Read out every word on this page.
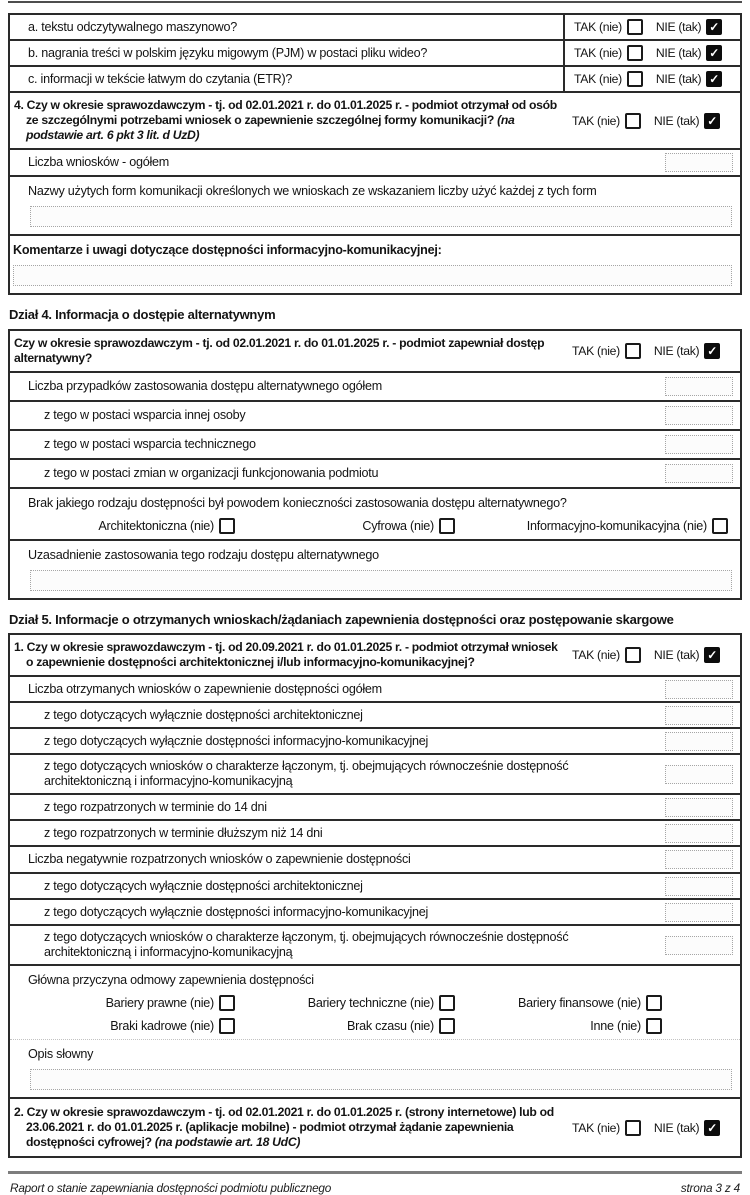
a. tekstu odczytywalnego maszynowo?	TAK (nie)	NIE (tak) ✓
b. nagrania treści w polskim języku migowym (PJM) w postaci pliku wideo?	TAK (nie)	NIE (tak) ✓
c. informacji w tekście łatwym do czytania (ETR)?	TAK (nie)	NIE (tak) ✓
4. Czy w okresie sprawozdawczym - tj. od 02.01.2021 r. do 01.01.2025 r. - podmiot otrzymał od osób ze szczególnymi potrzebami wniosek o zapewnienie szczególnej formy komunikacji? (na podstawie art. 6 pkt 3 lit. d UzD)
TAK (nie)	NIE (tak) ✓
Liczba wniosków - ogółem
Nazwy użytych form komunikacji określonych we wnioskach ze wskazaniem liczby użyć każdej z tych form
Komentarze i uwagi dotyczące dostępności informacyjno-komunikacyjnej:
Dział 4. Informacja o dostępie alternatywnym
Czy w okresie sprawozdawczym - tj. od 02.01.2021 r. do 01.01.2025 r. - podmiot zapewniał dostęp alternatywny?	TAK (nie)	NIE (tak) ✓
Liczba przypadków zastosowania dostępu alternatywnego ogółem
z tego w postaci wsparcia innej osoby
z tego w postaci wsparcia technicznego
z tego w postaci zmian w organizacji funkcjonowania podmiotu
Brak jakiego rodzaju dostępności był powodem konieczności zastosowania dostępu alternatywnego?
Architektoniczna (nie)	Cyfrowa (nie)	Informacyjno-komunikacyjna (nie)
Uzasadnienie zastosowania tego rodzaju dostępu alternatywnego
Dział 5. Informacje o otrzymanych wnioskach/żądaniach zapewnienia dostępności oraz postępowanie skargowe
1. Czy w okresie sprawozdawczym - tj. od 20.09.2021 r. do 01.01.2025 r. - podmiot otrzymał wniosek o zapewnienie dostępności architektonicznej i/lub informacyjno-komunikacyjnej?	TAK (nie)	NIE (tak) ✓
Liczba otrzymanych wniosków o zapewnienie dostępności ogółem
z tego dotyczących wyłącznie dostępności architektonicznej
z tego dotyczących wyłącznie dostępności informacyjno-komunikacyjnej
z tego dotyczących wniosków o charakterze łączonym, tj. obejmujących równocześnie dostępność architektoniczną i informacyjno-komunikacyjną
z tego rozpatrzonych w terminie do 14 dni
z tego rozpatrzonych w terminie dłuższym niż 14 dni
Liczba negatywnie rozpatrzonych wniosków o zapewnienie dostępności
z tego dotyczących wyłącznie dostępności architektonicznej
z tego dotyczących wyłącznie dostępności informacyjno-komunikacyjnej
z tego dotyczących wniosków o charakterze łączonym, tj. obejmujących równocześnie dostępność architektoniczną i informacyjno-komunikacyjną
Główna przyczyna odmowy zapewnienia dostępności
Bariery prawne (nie)	Bariery techniczne (nie)	Bariery finansowe (nie)
Braki kadrowe (nie)	Brak czasu (nie)	Inne (nie)
Opis słowny
2. Czy w okresie sprawozdawczym - tj. od 02.01.2021 r. do 01.01.2025 r. (strony internetowe) lub od 23.06.2021 r. do 01.01.2025 r. (aplikacje mobilne) - podmiot otrzymał żądanie zapewnienia dostępności cyfrowej? (na podstawie art. 18 UdC)
TAK (nie)	NIE (tak) ✓
Raport o stanie zapewniania dostępności podmiotu publicznego	strona 3 z 4
